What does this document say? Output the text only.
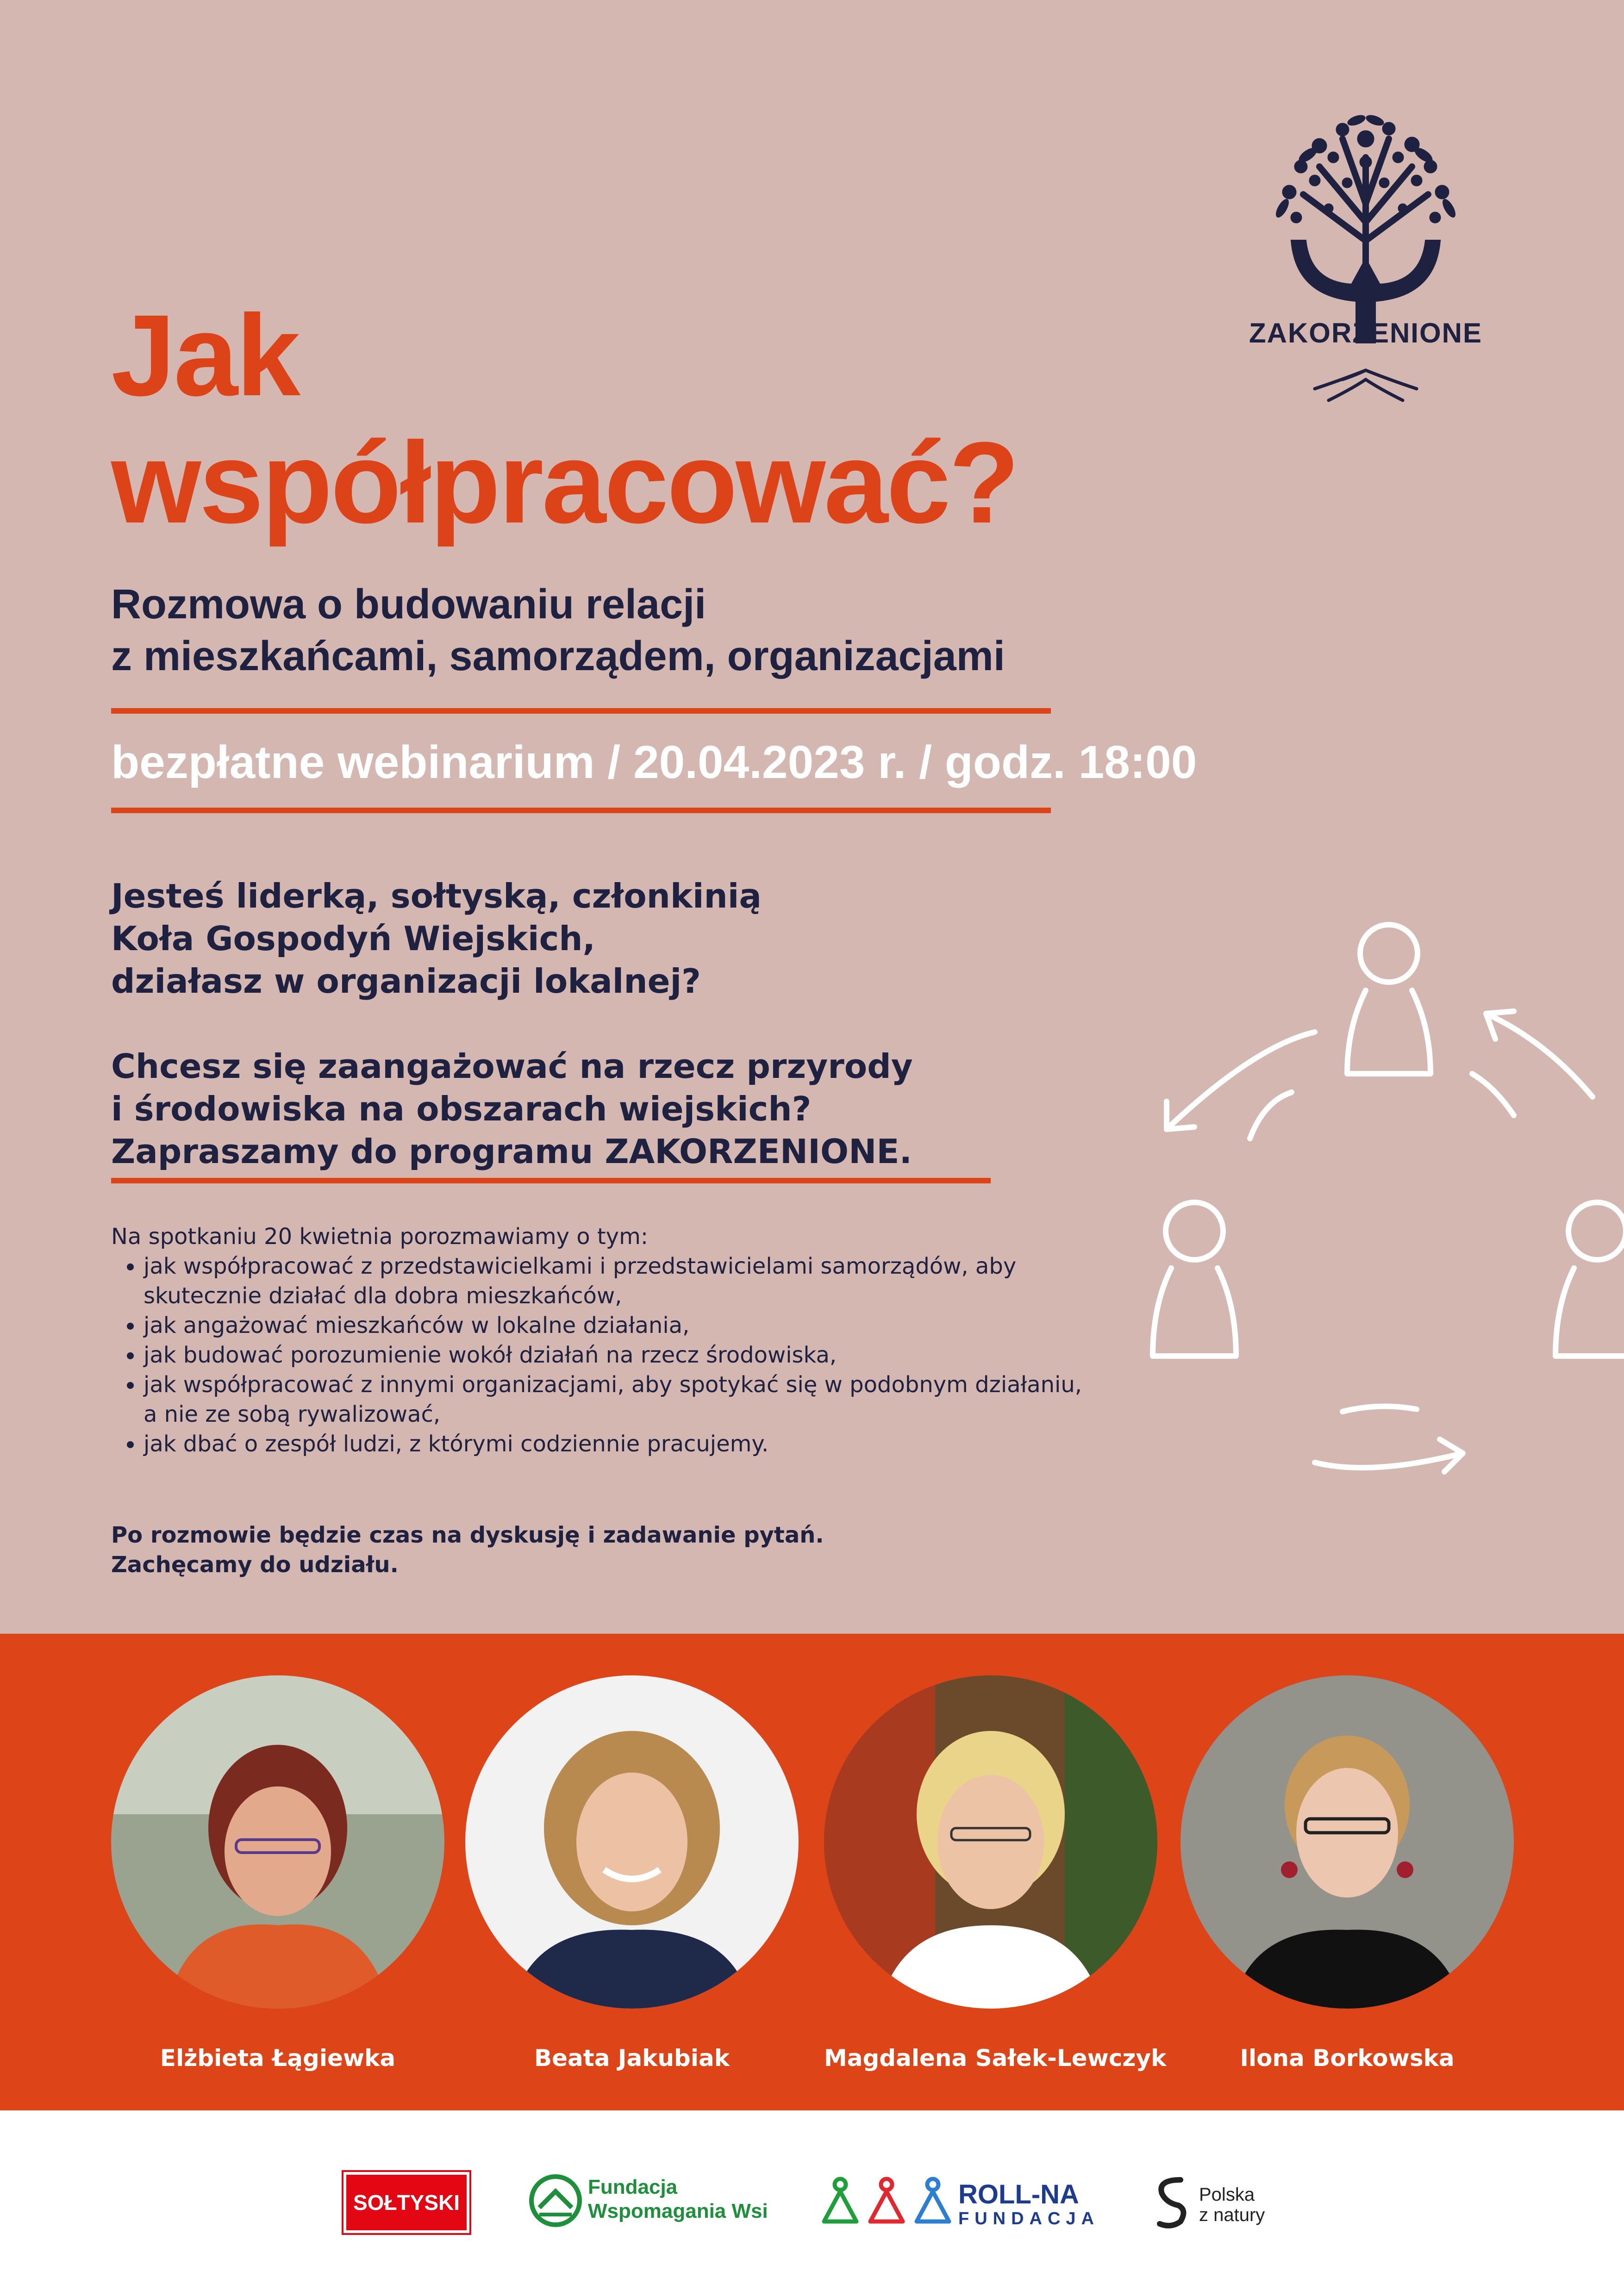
ZAKORZENIONE
Jak
współpracować?
Rozmowa o budowaniu relacji
z mieszkańcami, samorządem, organizacjami
bezpłatne webinarium / 20.04.2023 r. / godz. 18:00

Jesteś liderką, sołtyską, członkinią
Koła Gospodyń Wiejskich,
działasz w organizacji lokalnej?

Chcesz się zaangażować na rzecz przyrody
i środowiska na obszarach wiejskich?
Zapraszamy do programu ZAKORZENIONE.

Na spotkaniu 20 kwietnia porozmawiamy o tym:

• jak współpracować z przedstawicielkami i przedstawicielami samorządów, aby skutecznie działać dla dobra mieszkańców,
• jak angażować mieszkańców w lokalne działania,
• jak budować porozumienie wokół działań na rzecz środowiska,
• jak współpracować z innymi organizacjami, aby spotykać się w podobnym działaniu, a nie ze sobą rywalizować,
• jak dbać o zespół ludzi, z którymi codziennie pracujemy.

Po rozmowie będzie czas na dyskusję i zadawanie pytań.

Zachęcamy do udziału.

Elżbieta Łągiewka	Beata Jakubiak	Magdalena Sałek-Lewczyk	Ilona Borkowska
SOŁTYSKI
Fundacja
Wspomagania Wsi
ROLL-NA
FUNDACJA
Polska
z natury
